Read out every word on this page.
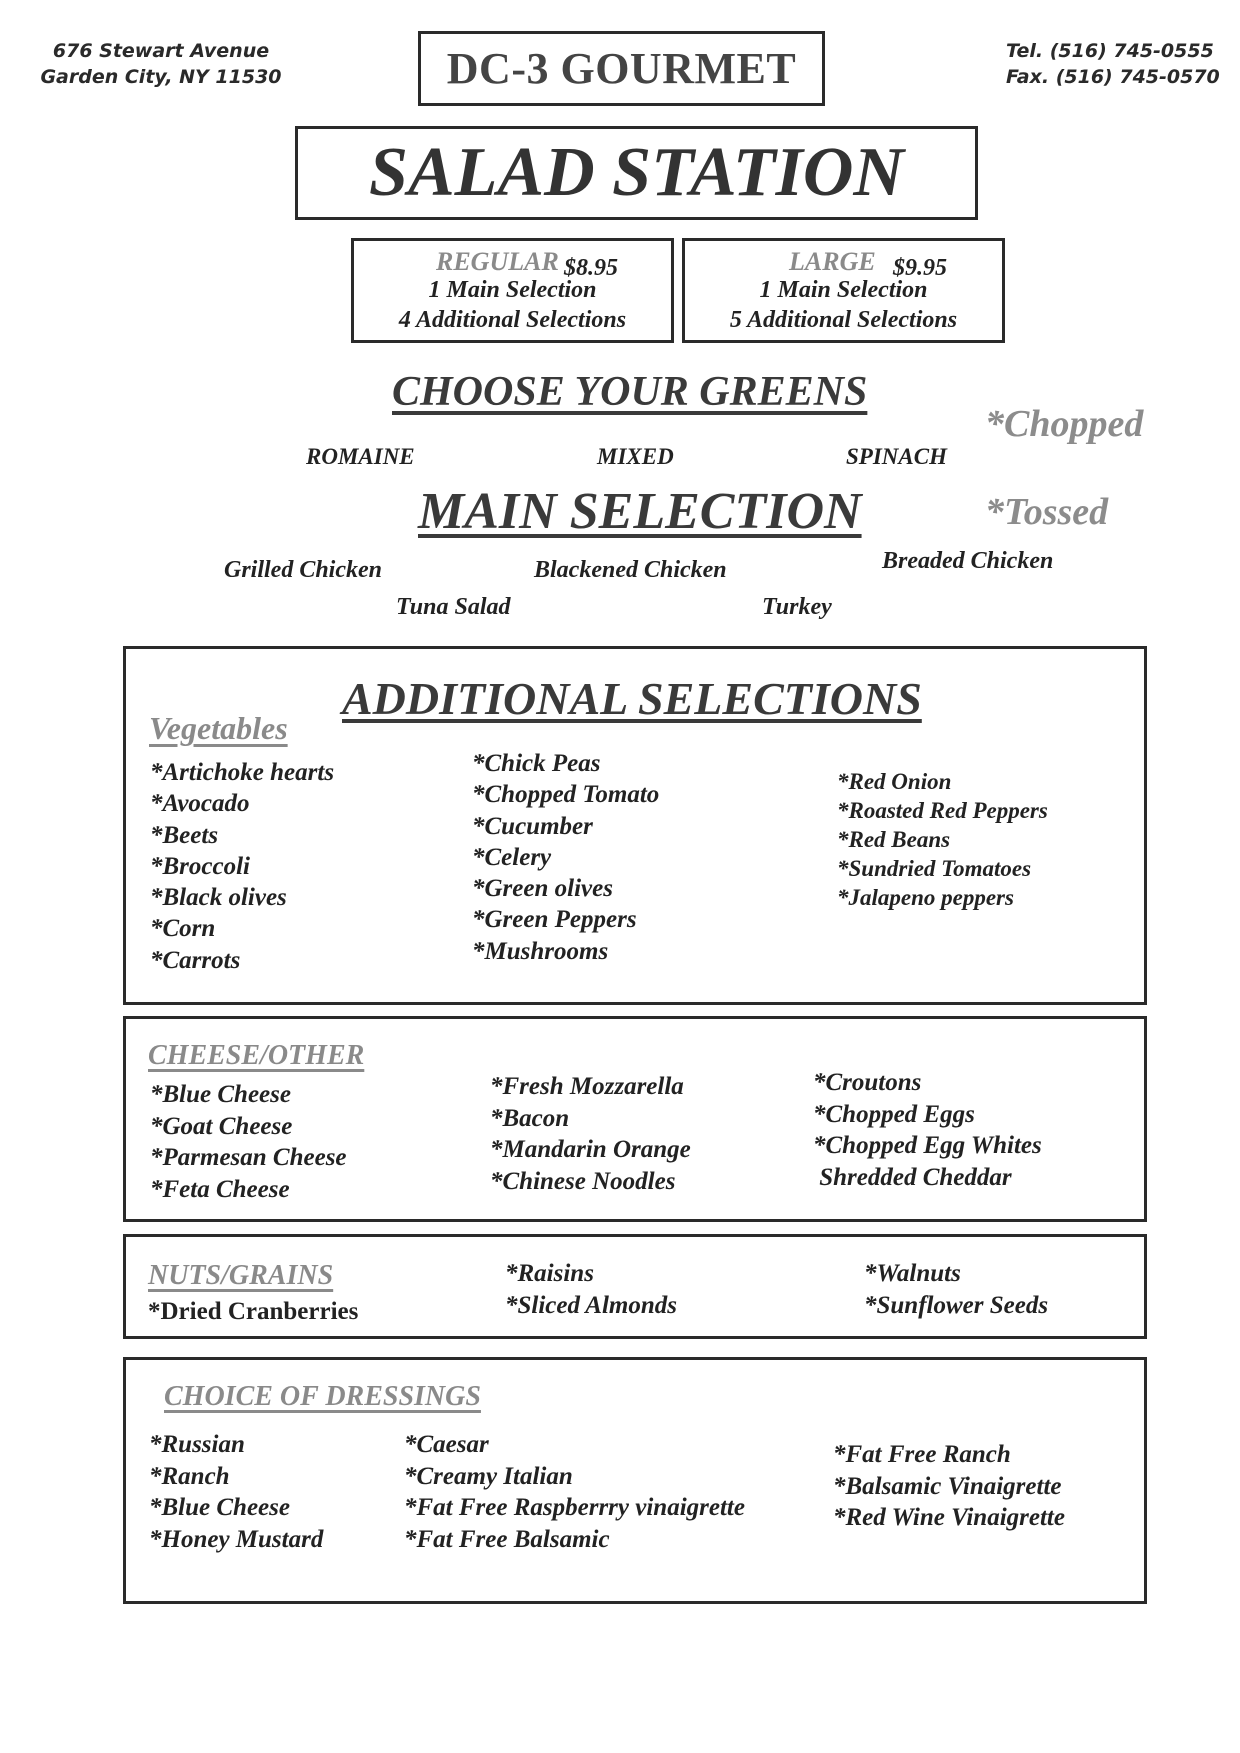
676 Stewart Avenue
Garden City, NY 11530
Tel. (516) 745-0555
Fax. (516) 745-0570
DC-3 GOURMET
SALAD STATION
REGULAR $8.95
1 Main Selection
4 Additional Selections
LARGE $9.95
1 Main Selection
5 Additional Selections
CHOOSE YOUR GREENS
ROMAINE	MIXED	SPINACH
*Chopped
*Tossed
MAIN SELECTION
Grilled Chicken	Blackened Chicken	Breaded Chicken
Tuna Salad	Turkey
ADDITIONAL SELECTIONS
Vegetables
*Artichoke hearts
*Avocado
*Beets
*Broccoli
*Black olives
*Corn
*Carrots
*Chick Peas
*Chopped Tomato
*Cucumber
*Celery
*Green olives
*Green Peppers
*Mushrooms
*Red Onion
*Roasted Red Peppers
*Red Beans
*Sundried Tomatoes
*Jalapeno peppers
CHEESE/OTHER
*Blue Cheese
*Goat Cheese
*Parmesan Cheese
*Feta Cheese
*Fresh Mozzarella
*Bacon
*Mandarin Orange
*Chinese Noodles
*Croutons
*Chopped Eggs
*Chopped Egg Whites
Shredded Cheddar
NUTS/GRAINS
*Dried Cranberries
*Raisins
*Sliced Almonds
*Walnuts
*Sunflower Seeds
CHOICE OF DRESSINGS
*Russian
*Ranch
*Blue Cheese
*Honey Mustard
*Caesar
*Creamy Italian
*Fat Free Raspberrry vinaigrette
*Fat Free Balsamic
*Fat Free Ranch
*Balsamic Vinaigrette
*Red Wine Vinaigrette
